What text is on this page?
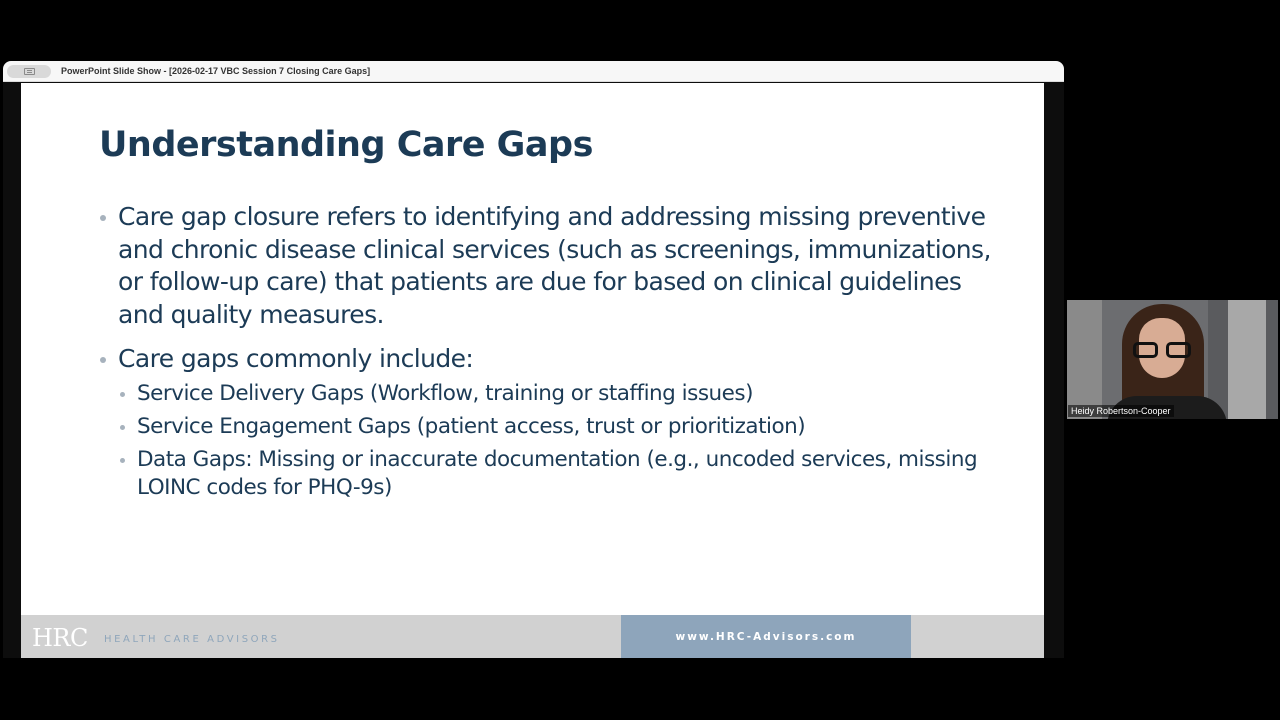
PowerPoint Slide Show - [2026-02-17 VBC Session 7 Closing Care Gaps]
Understanding Care Gaps
Care gap closure refers to identifying and addressing missing preventive and chronic disease clinical services (such as screenings, immunizations, or follow-up care) that patients are due for based on clinical guidelines and quality measures.
Care gaps commonly include:
Service Delivery Gaps (Workflow, training or staffing issues)
Service Engagement Gaps (patient access, trust or prioritization)
Data Gaps: Missing or inaccurate documentation (e.g., uncoded services, missing LOINC codes for PHQ-9s)
HRC HEALTH CARE ADVISORS	www.HRC-Advisors.com
Heidy Robertson-Cooper
